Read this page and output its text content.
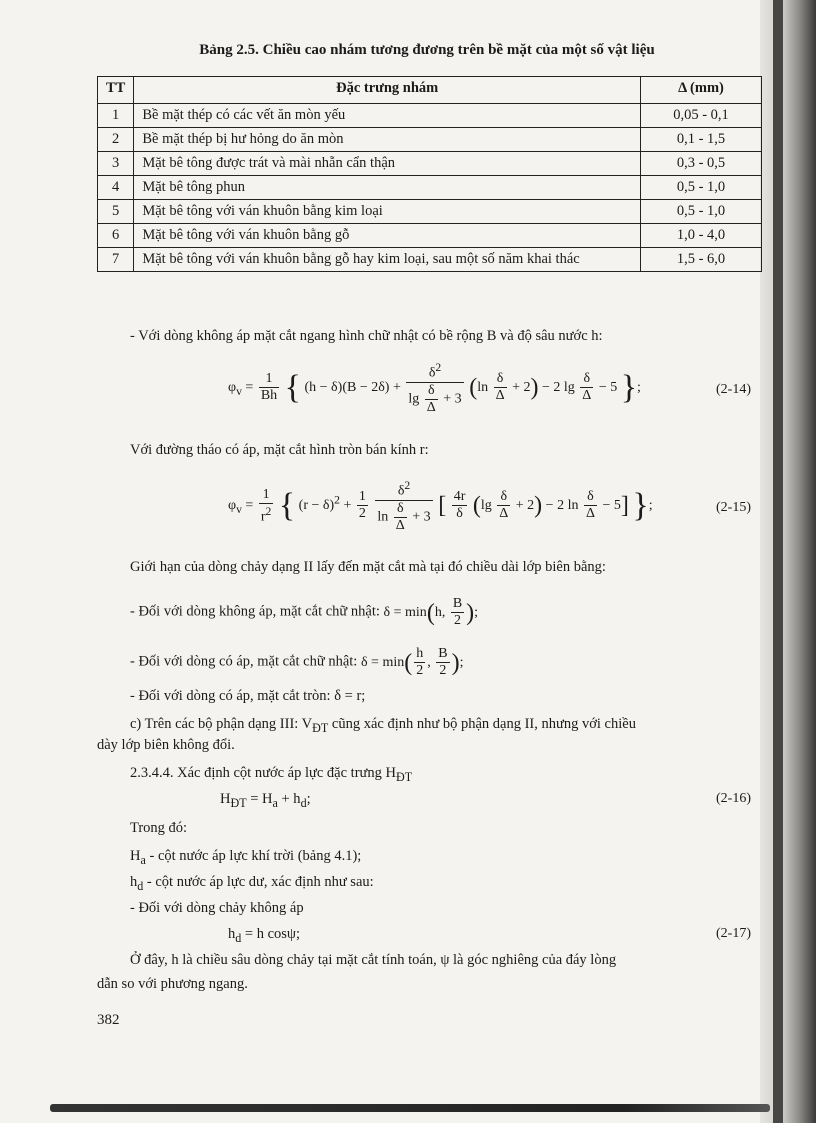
Bảng 2.5. Chiều cao nhám tương đương trên bề mặt của một số vật liệu
TT	Đặc trưng nhám	Δ (mm)
1	Bề mặt thép có các vết ăn mòn yếu	0,05 - 0,1
2	Bề mặt thép bị hư hỏng do ăn mòn	0,1 - 1,5
3	Mặt bê tông được trát và mài nhẵn cẩn thận	0,3 - 0,5
4	Mặt bê tông phun	0,5 - 1,0
5	Mặt bê tông với ván khuôn bằng kim loại	0,5 - 1,0
6	Mặt bê tông với ván khuôn bằng gỗ	1,0 - 4,0
7	Mặt bê tông với ván khuôn bằng gỗ hay kim loại, sau một số năm khai thác	1,5 - 6,0
- Với dòng không áp mặt cắt ngang hình chữ nhật có bề rộng B và độ sâu nước h:
$\varphi_v = \frac{1}{Bh}$ { $(h - \delta)(B - 2\delta) + \frac{\delta^2}{\lg \frac{\delta}{\Delta} + 3} (\ln \frac{\delta}{\Delta} + 2) - 2$ $\lg \frac{\delta}{\Delta} - 5$ };	(2-14)
Với đường tháo có áp, mặt cắt hình tròn bán kính r:
$\varphi_v = \frac{1}{r^2}$ { $(r - \delta)^2 + \frac{1}{2}$
$\frac{\delta^2}{\ln \frac{\delta}{\Delta} + 3}$ [ $\frac{4r}{\delta} (\lg \frac{\delta}{\Delta} + 2) - 2$ $\ln \frac{\delta}{\Delta} - 5$] };	(2-15)
Giới hạn của dòng chảy dạng II lấy đến mặt cắt mà tại đó chiều dài lớp biên bằng:
- Đối với dòng không áp, mặt cắt chữ nhật: δ = min(h, $\frac{B}{2}$ );
- Đối với dòng có áp, mặt cắt chữ nhật: $\delta = \min( \frac{h}{2}$ , $\frac{B}{2}$ );
- Đối với dòng có áp, mặt cắt tròn: δ = r;
c) Trên các bộ phận dạng III: $V_{ĐT}$ cũng xác định như bộ phận dạng II, nhưng với chiều
dày lớp biên không đổi.
2.3.4.4. Xác định cột nước áp lực đặc trưng $H_{ĐT}$
$H_{ĐT} = H_a + h_d$;	(2-16)
Trong đó:
$H_a$ - cột nước áp lực khí trời (bảng 4.1);
$h_d$ - cột nước áp lực dư, xác định như sau:
- Đối với dòng chảy không áp
$h_d = h$ cosψ;	(2-17)
Ở đây, h là chiều sâu dòng chảy tại mặt cắt tính toán, ψ là góc nghiêng của đáy lòng
dẫn so với phương ngang.
382
